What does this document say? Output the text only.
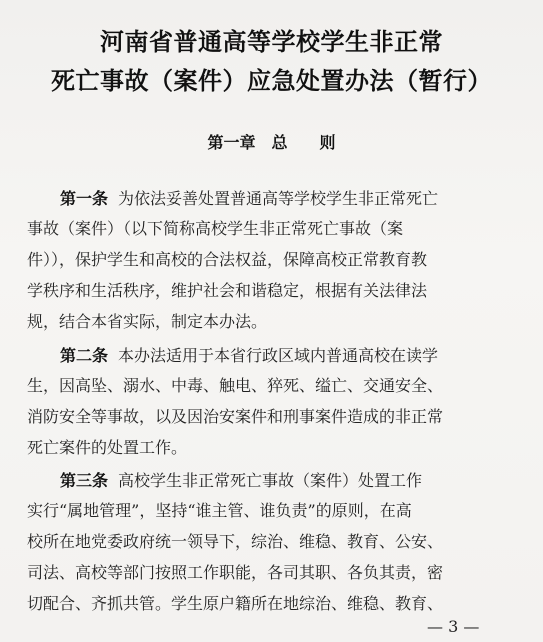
河南省普通高等学校学生非正常
死亡事故（案件）应急处置办法（暂行）
第一章　总　　则
第一条 为依法妥善处置普通高等学校学生非正常死亡
事故（案件）（以下简称高校学生非正常死亡事故（案
件）），保护学生和高校的合法权益，保障高校正常教育教
学秩序和生活秩序，维护社会和谐稳定，根据有关法律法
规，结合本省实际，制定本办法。
第二条 本办法适用于本省行政区域内普通高校在读学
生，因高坠、溺水、中毒、触电、猝死、缢亡、交通安全、
消防安全等事故，以及因治安案件和刑事案件造成的非正常
死亡案件的处置工作。
第三条 高校学生非正常死亡事故（案件）处置工作
实行“属地管理”，坚持“谁主管、谁负责”的原则，在高
校所在地党委政府统一领导下，综治、维稳、教育、公安、
司法、高校等部门按照工作职能，各司其职、各负其责，密
切配合、齐抓共管。学生原户籍所在地综治、维稳、教育、
— 3 —
